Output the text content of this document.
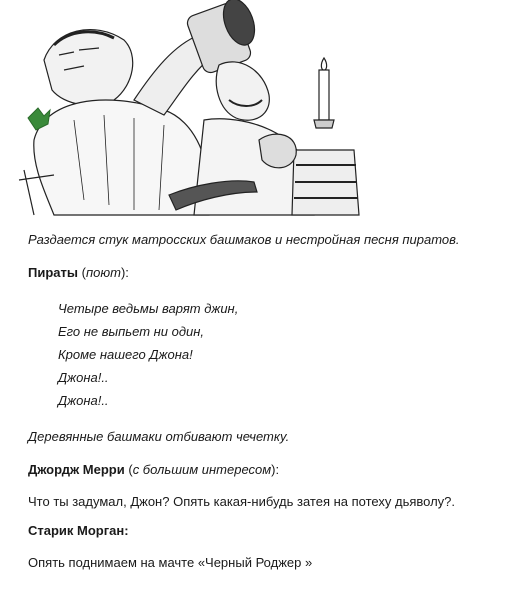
Раздается стук матросских башмаков и нестройная песня пиратов.
Пираты (поют):
Четыре ведьмы варят джин,
Его не выпьет ни один,
Кроме нашего Джона!
Джона!..
Джона!..
Деревянные башмаки отбивают чечетку.
Джордж Мерри (с большим интересом):
Что ты задумал, Джон? Опять какая-нибудь затея на потеху дьяволу?.
Старик Морган:
Опять поднимаем на мачте «Черный Роджер »
